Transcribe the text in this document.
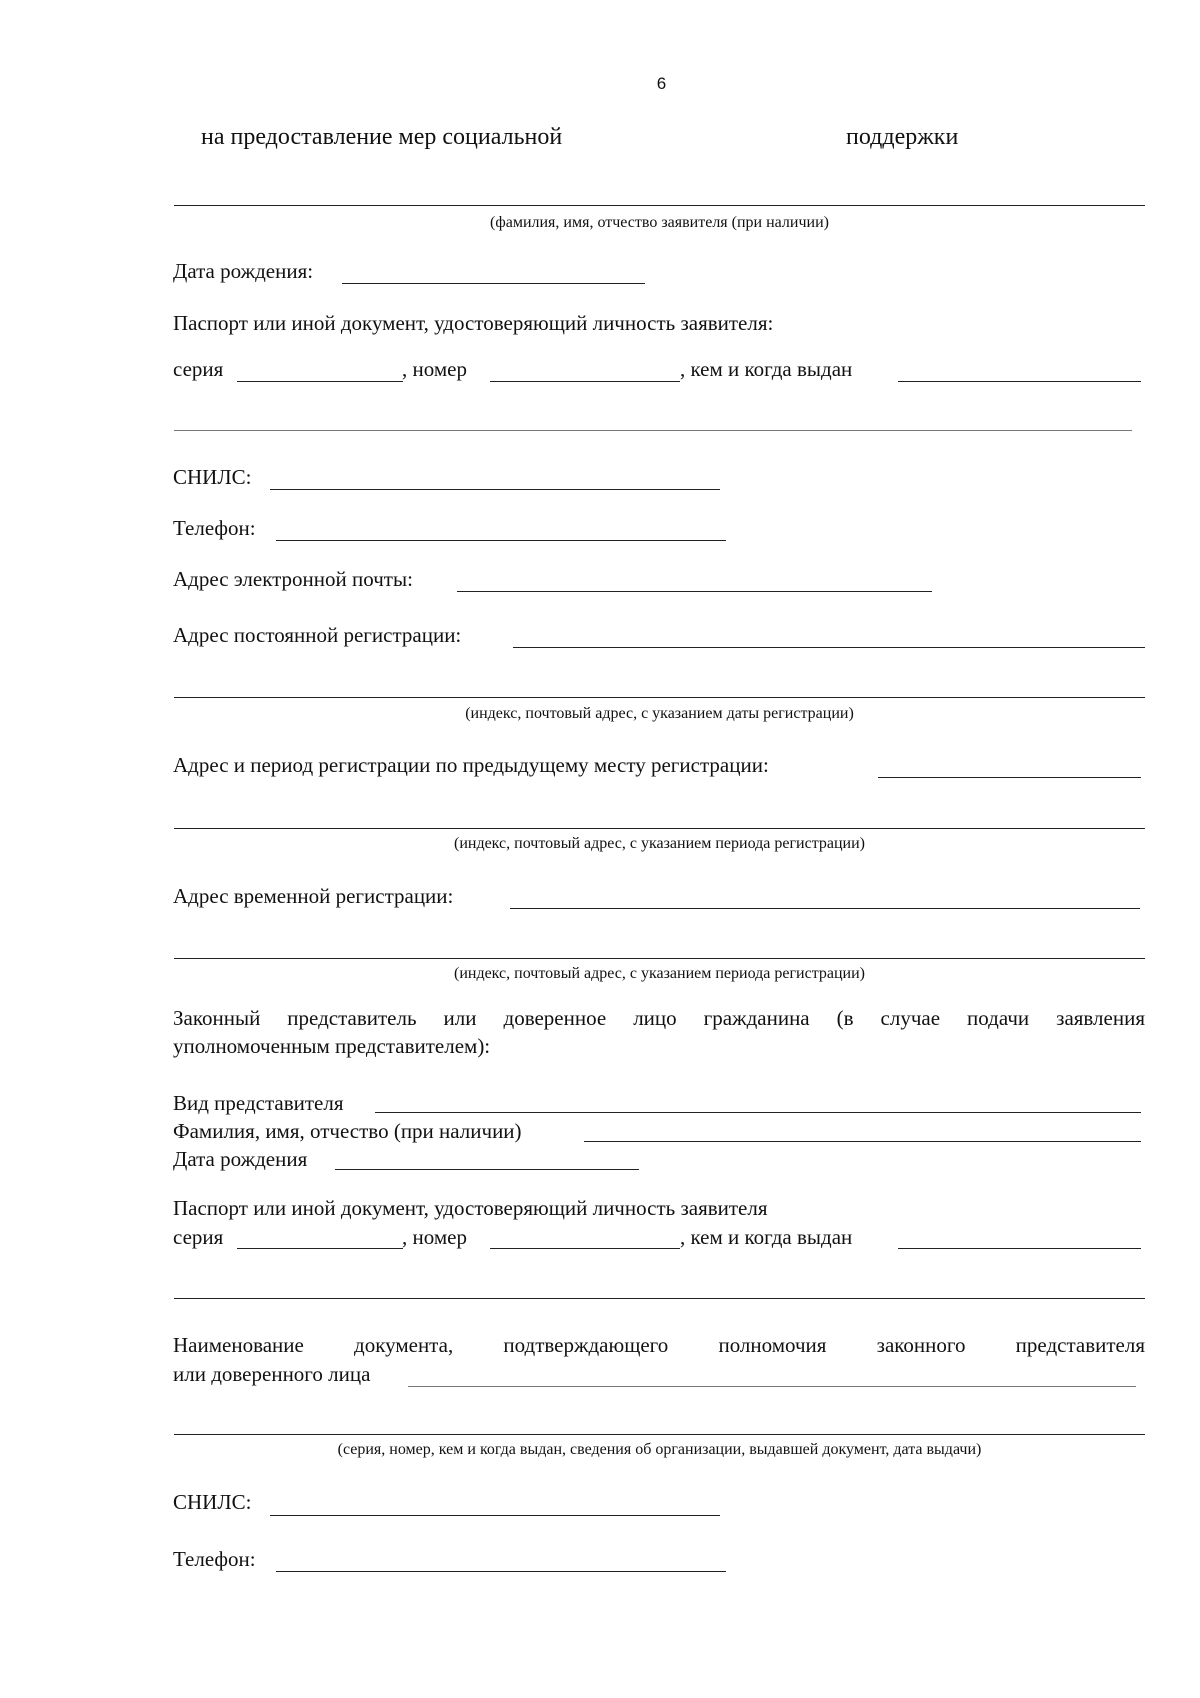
6
на предоставление мер социальной	поддержки
(фамилия, имя, отчество заявителя (при наличии)
Дата рождения:
Паспорт или иной документ, удостоверяющий личность заявителя:
серия	, номер	, кем и когда выдан
СНИЛС:
Телефон:
Адрес электронной почты:
Адрес постоянной регистрации:
(индекс, почтовый адрес, с указанием даты регистрации)
Адрес и период регистрации по предыдущему месту регистрации:
(индекс, почтовый адрес, с указанием периода регистрации)
Адрес временной регистрации:
(индекс, почтовый адрес, с указанием периода регистрации)
Законный представитель или доверенное лицо гражданина (в случае подачи заявления
уполномоченным представителем):
Вид представителя
Фамилия, имя, отчество (при наличии)
Дата рождения
Паспорт или иной документ, удостоверяющий личность заявителя
серия	, номер	, кем и когда выдан
Наименование документа, подтверждающего полномочия законного представителя
или доверенного лица
(серия, номер, кем и когда выдан, сведения об организации, выдавшей документ, дата выдачи)
СНИЛС:
Телефон:
